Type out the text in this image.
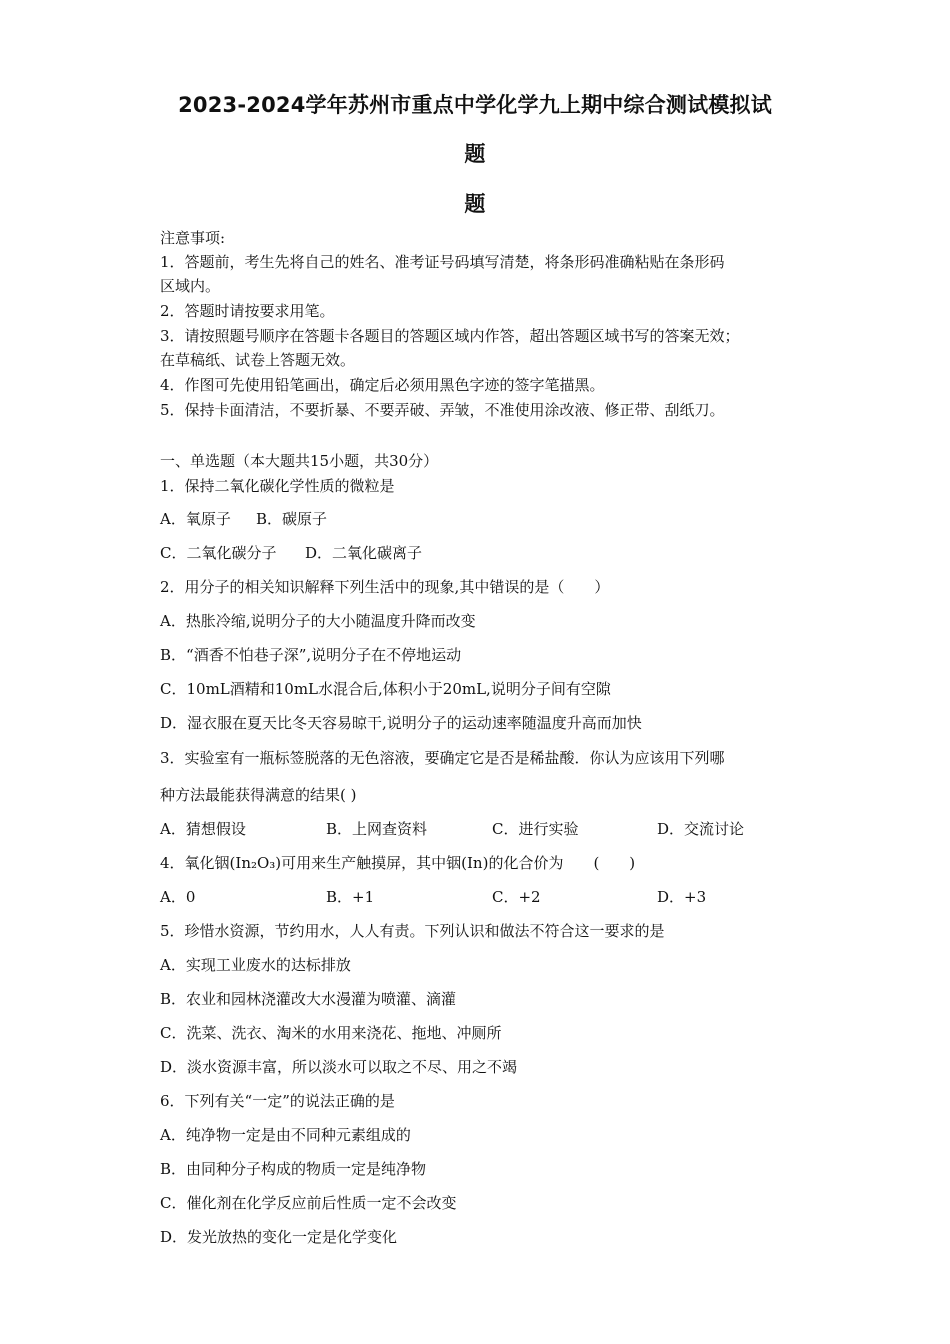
2023-2024学年苏州市重点中学化学九上期中综合测试模拟试
题
题
注意事项:
1．答题前，考生先将自己的姓名、准考证号码填写清楚，将条形码准确粘贴在条形码
区域内。
2．答题时请按要求用笔。
3．请按照题号顺序在答题卡各题目的答题区域内作答，超出答题区域书写的答案无效；
在草稿纸、试卷上答题无效。
4．作图可先使用铅笔画出，确定后必须用黑色字迹的签字笔描黑。
5．保持卡面清洁，不要折暴、不要弄破、弄皱，不准使用涂改液、修正带、刮纸刀。
一、单选题（本大题共15小题，共30分）
1．保持二氧化碳化学性质的微粒是
A．氧原子 B．碳原子
C．二氧化碳分子 D．二氧化碳离子
2．用分子的相关知识解释下列生活中的现象,其中错误的是（　　）
A．热胀冷缩,说明分子的大小随温度升降而改变
B．“酒香不怕巷子深”,说明分子在不停地运动
C．10mL酒精和10mL水混合后,体积小于20mL,说明分子间有空隙
D．湿衣服在夏天比冬天容易晾干,说明分子的运动速率随温度升高而加快
3．实验室有一瓶标签脱落的无色溶液，要确定它是否是稀盐酸．你认为应该用下列哪
种方法最能获得满意的结果( )
A．猜想假设	B．上网查资料	C．进行实验	D．交流讨论
4．氧化铟(In₂O₃)可用来生产触摸屏，其中铟(In)的化合价为　　(　　)
A．0	B．+1	C．+2	D．+3
5．珍惜水资源，节约用水，人人有责。下列认识和做法不符合这一要求的是
A．实现工业废水的达标排放
B．农业和园林浇灌改大水漫灌为喷灌、滴灌
C．洗菜、洗衣、淘米的水用来浇花、拖地、冲厕所
D．淡水资源丰富，所以淡水可以取之不尽、用之不竭
6．下列有关“一定”的说法正确的是
A．纯净物一定是由不同种元素组成的
B．由同种分子构成的物质一定是纯净物
C．催化剂在化学反应前后性质一定不会改变
D．发光放热的变化一定是化学变化
